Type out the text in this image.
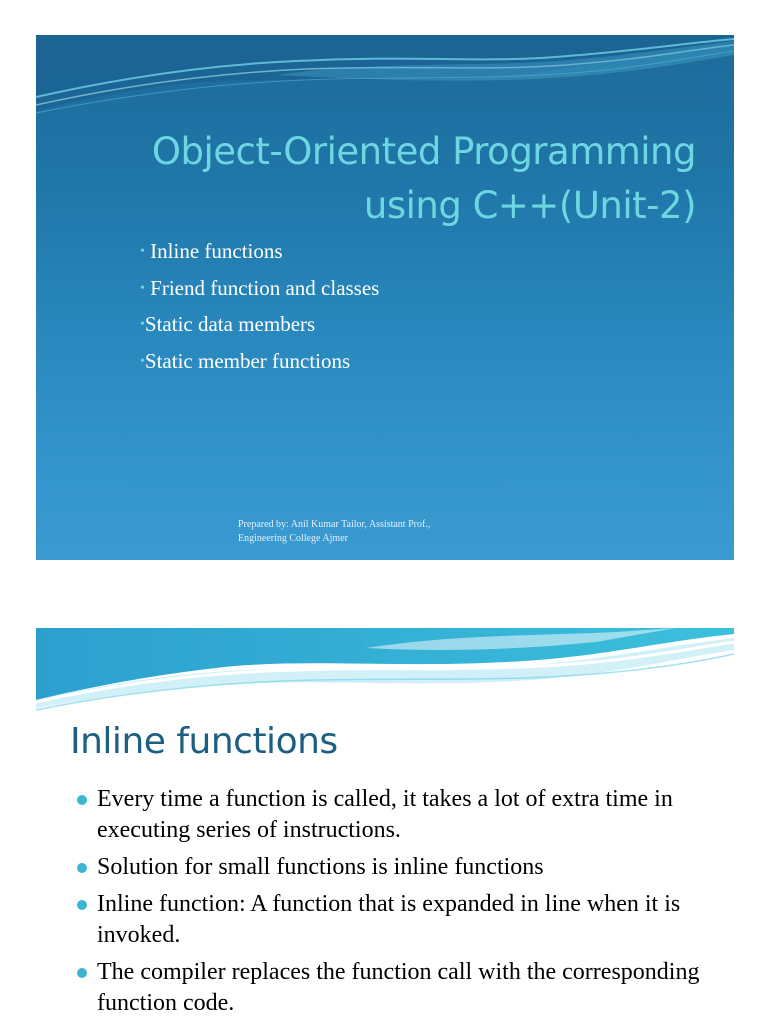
Object-Oriented Programming
using C++(Unit-2)
• Inline functions
• Friend function and classes
•Static data members
•Static member functions
Prepared by: Anil Kumar Tailor, Assistant Prof.,
Engineering College Ajmer
Inline functions
Every time a function is called, it takes a lot of extra time in executing series of instructions.
Solution for small functions is inline functions
Inline function: A function that is expanded in line when it is invoked.
The compiler replaces the function call with the corresponding function code.
